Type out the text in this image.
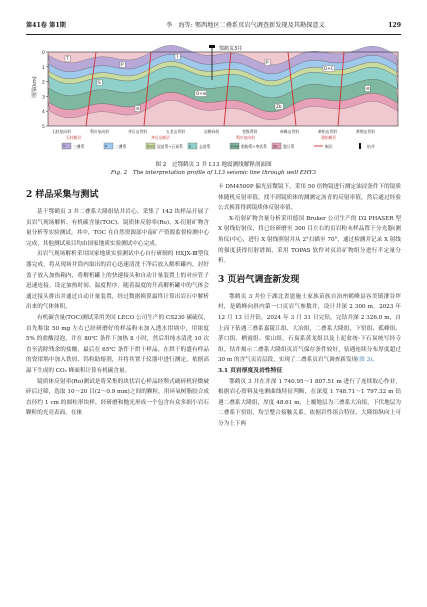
第41卷 第1期	李　海等: 鄂西地区二叠系页岩气调查新发现及其勘探意义	129
0
1
2
3
4
5
埋深(km)
鄂鹤页3井
T
P
T
P
D+C
S
O+∈
Zb
∈
∈
石柱复向斜	利川复向斜	齐岳山背斜	五龙山背斜	岩鹤向斜	苍都背斜	神峰山背斜	黄柏山背斜	黄荆山背斜
石柱断层	齐岳山断层	利川复向斜	建始断层
T 三叠系	P 二叠系	D+C 泥盆系+石炭系 S 志留系	O+∈ 奥陶系+寒武系 Zb 震旦系	断层	钻井
图 2　过鄂鹤页 3 井 L13 地震测线解释剖面图
Fig. 2　The interpretation profile of L13 seismic line through well EHY3
2 样品采集与测试

基于鄂鹤页 3 井二叠系大隆组钻井岩心，采集了 142 块样品开展了页岩气现场解析、有机碳含量(TOC)、镜质体反射率(Ro)、X-衍射矿物含量分析等实验测试。其中，TOC 在自然资源部中南矿产资源监督检测中心完成，其他测试项目均由国家地质实验测试中心完成。

页岩气现场解析采用国家地质实验测试中心自行研制的 HXJX-Ⅲ型仪器完成，将从现场井筒内取出的岩心迅速清洗干净后放入解析罐内，封好盖子放入加热箱内，将解析罐上的快速接头和自动计量装置上的对应管子迅速连接。设定加热时间、温度程序，随着温度的升高解析罐中的气体会通过接头排出并通过自动计量装置，经过数据换算最终计算出岩石中解析出来的气体体积。

有机碳含量(TOC)测试采用美国 LECO 公司生产的 CS230 碳硫仪，首先称取 50 mg 左右已经研磨好的样品粉末加入透水坩埚中，用浓度 5% 的盐酸浸泡，并在 80℃ 条件下加热 8 小时，然后用纯水清洗 10 次直至清除残余的盐酸，最后在 65℃ 条件下烘干样品。在烘干的盛有样品的瓷坩埚中加入铁屑、钨粒助熔剂，并将其置于仪器中进行测定，依据高温下生成的 CO₂ 峰面积计算有机碳含量。

镜质体反射率(Ro)测试是将采集的块状岩心样品经颚式破碎机轻微破碎后过筛，选取 10～20 目(2～0.9 mm)之间的颗粒，用环氧树脂胶合成直径约 1 cm 的圆柱形块样，经研磨和抛光形成一个包含有众多细小岩石颗粒的光亮表面。在徕

卡 DM4500P 偏光显微镜下，采用 50 倍物镜进行测定油浸条件下的镜质体随机反射率值，找不到镜质体的测测定沥青的反射率值，然后通过经验公式换算得到镜质体反射率值。

X-衍射矿物含量分析采用德国 Bruker 公司生产的 D2 PHASER 型 X 射线衍射仪，将已经研磨至 300 目左右的页岩粉末样品置于分光器(测角仪)中心，进行 X 射线照射并从 2°扫描至 70°，通过检测并记录 X 射线的强度获得衍射谱图，采用 TOPAS 软件对页岩矿物组分进行半定量分析。

3 页岩气调查新发现

鄂鹤页 3 井位于湖北省恩施土家族苗族自治州鹤峰县容美镇溇谷坪村，是鹤峰向斜内第一口页岩气参数井，设计井深 2 300 m。2023 年 12 月 13 日开钻，2024 年 3 月 31 日完钻，完钻井深 2 326.0 m，自上而下钻遇三叠系嘉陵江组、大冶组，二叠系大隆组、下窑组、孤峰组、茅口组、栖霞组、梁山组，石炭系黄龙组以及上泥盆统-下石炭统写经寺组。钻井揭示二叠系大隆组页岩气保存条件较好，钻遇连续分布厚度超过 30 m 的含气页岩层段，实现了二叠系页岩气调查新发现(图 3)。

3.1 页岩厚度及岩性特征

鄂鹤页 3 井在井深 1 740.95～1 807.51 m 进行了连续取心作业，根据岩心资料及电测曲线特征判断，在深度 1 748.71～1 797.32 m 钻遇二叠系大隆组，厚度 48.61 m，上覆地层为三叠系大冶组，下伏地层为二叠系下窑组，均呈整合接触关系。依据岩性组合特征，大隆组纵向上可分为上下两
